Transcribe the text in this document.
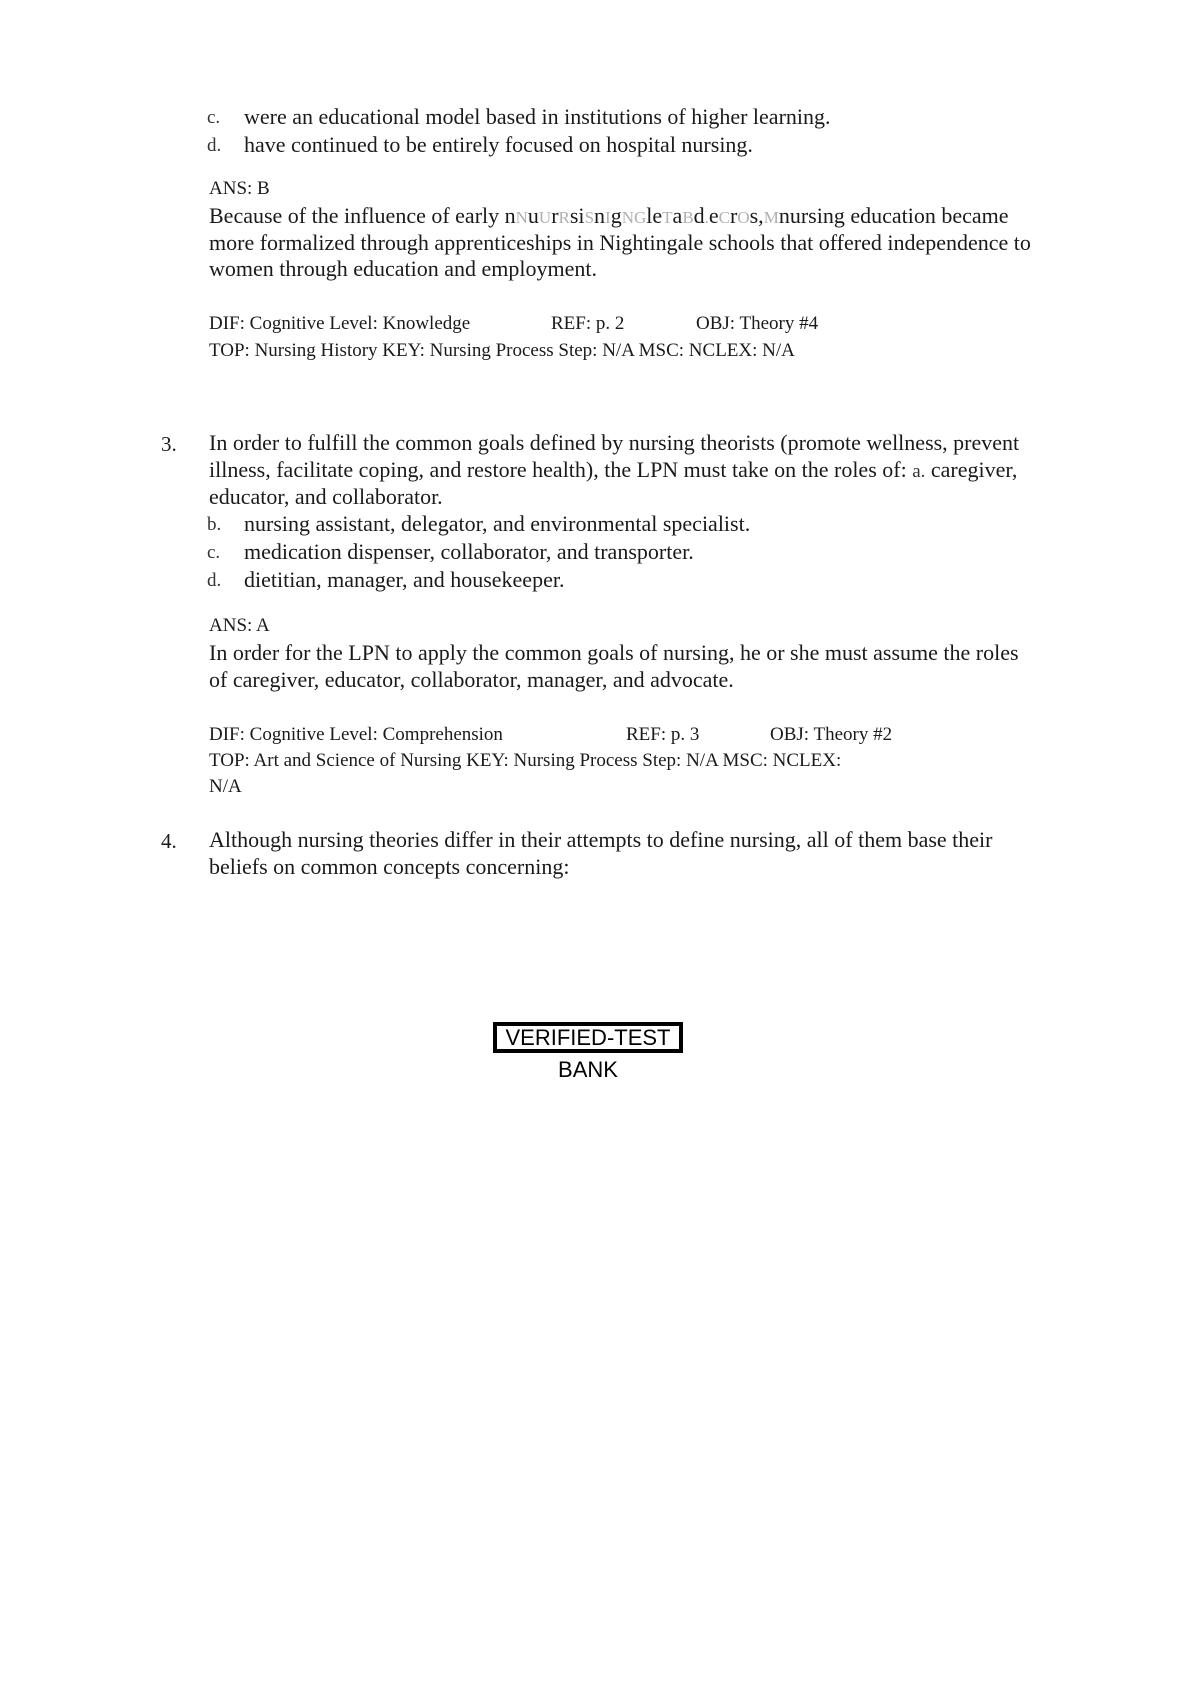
c. were an educational model based in institutions of higher learning.
d. have continued to be entirely focused on hospital nursing.
ANS: B
Because of the influence of early nNuUrRsiSnIgNGleTaBd.eCrOs,Mnursing education became
more formalized through apprenticeships in Nightingale schools that offered independence to
women through education and employment.
DIF: Cognitive Level: Knowledge	REF: p. 2	OBJ: Theory #4
TOP: Nursing History KEY: Nursing Process Step: N/A MSC: NCLEX: N/A
3. In order to fulfill the common goals defined by nursing theorists (promote wellness, prevent
illness, facilitate coping, and restore health), the LPN must take on the roles of: a. caregiver,
educator, and collaborator.
b. nursing assistant, delegator, and environmental specialist.
c. medication dispenser, collaborator, and transporter.
d. dietitian, manager, and housekeeper.
ANS: A
In order for the LPN to apply the common goals of nursing, he or she must assume the roles
of caregiver, educator, collaborator, manager, and advocate.
DIF: Cognitive Level: Comprehension	REF: p. 3	OBJ: Theory #2
TOP: Art and Science of Nursing KEY: Nursing Process Step: N/A MSC: NCLEX:
N/A
4. Although nursing theories differ in their attempts to define nursing, all of them base their
beliefs on common concepts concerning:
VERIFIED-TEST
BANK
